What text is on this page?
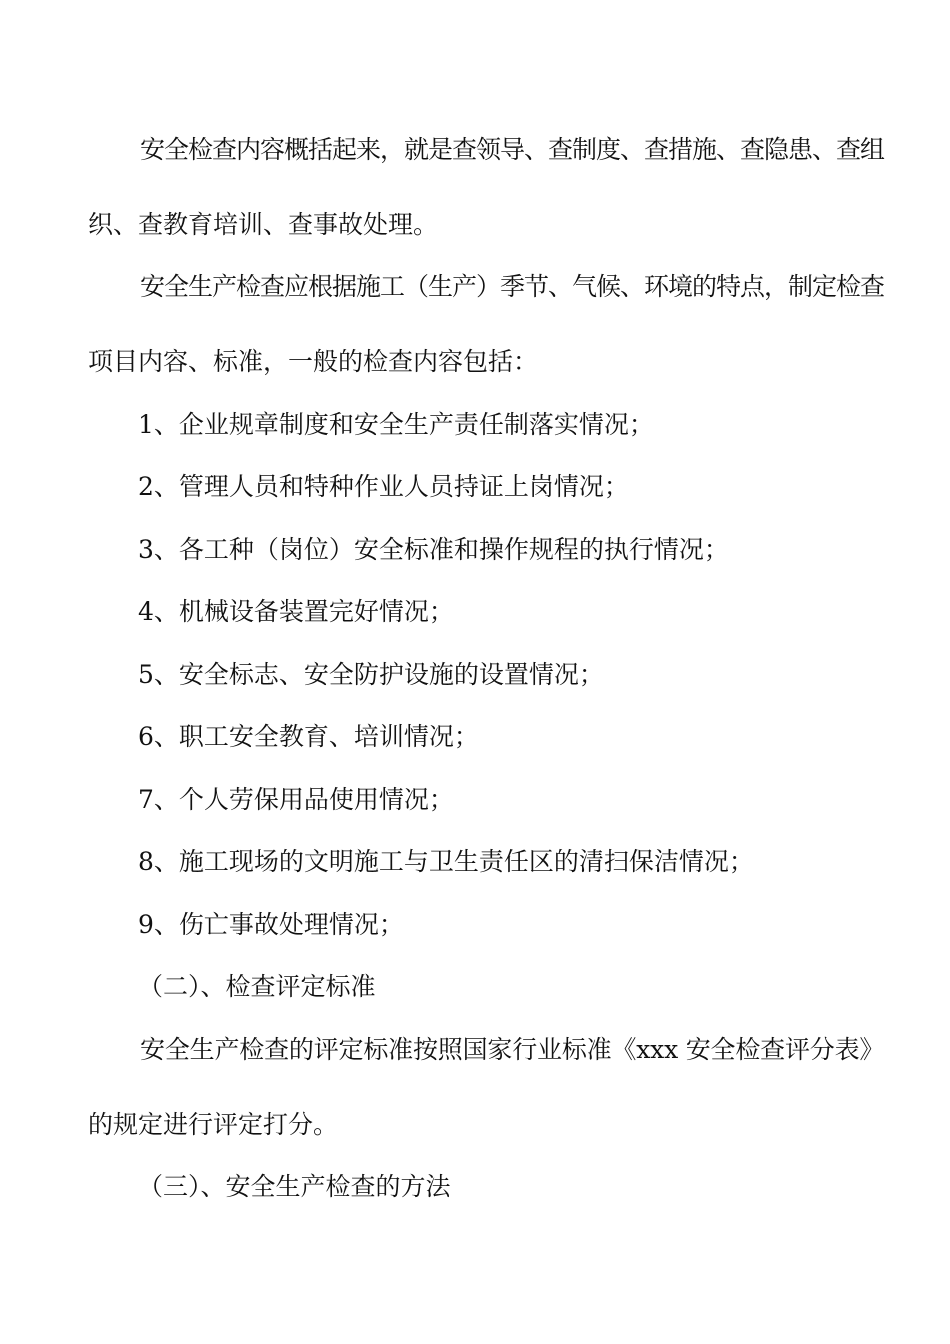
安全检查内容概括起来，就是查领导、查制度、查措施、查隐患、查组
织、查教育培训、查事故处理。
安全生产检查应根据施工（生产）季节、气候、环境的特点，制定检查
项目内容、标准，一般的检查内容包括：
1、企业规章制度和安全生产责任制落实情况；
2、管理人员和特种作业人员持证上岗情况；
3、各工种（岗位）安全标准和操作规程的执行情况；
4、机械设备装置完好情况；
5、安全标志、安全防护设施的设置情况；
6、职工安全教育、培训情况；
7、个人劳保用品使用情况；
8、施工现场的文明施工与卫生责任区的清扫保洁情况；
9、伤亡事故处理情况；
（二）、检查评定标准
安全生产检查的评定标准按照国家行业标准《xxx 安全检查评分表》
的规定进行评定打分。
（三）、安全生产检查的方法
